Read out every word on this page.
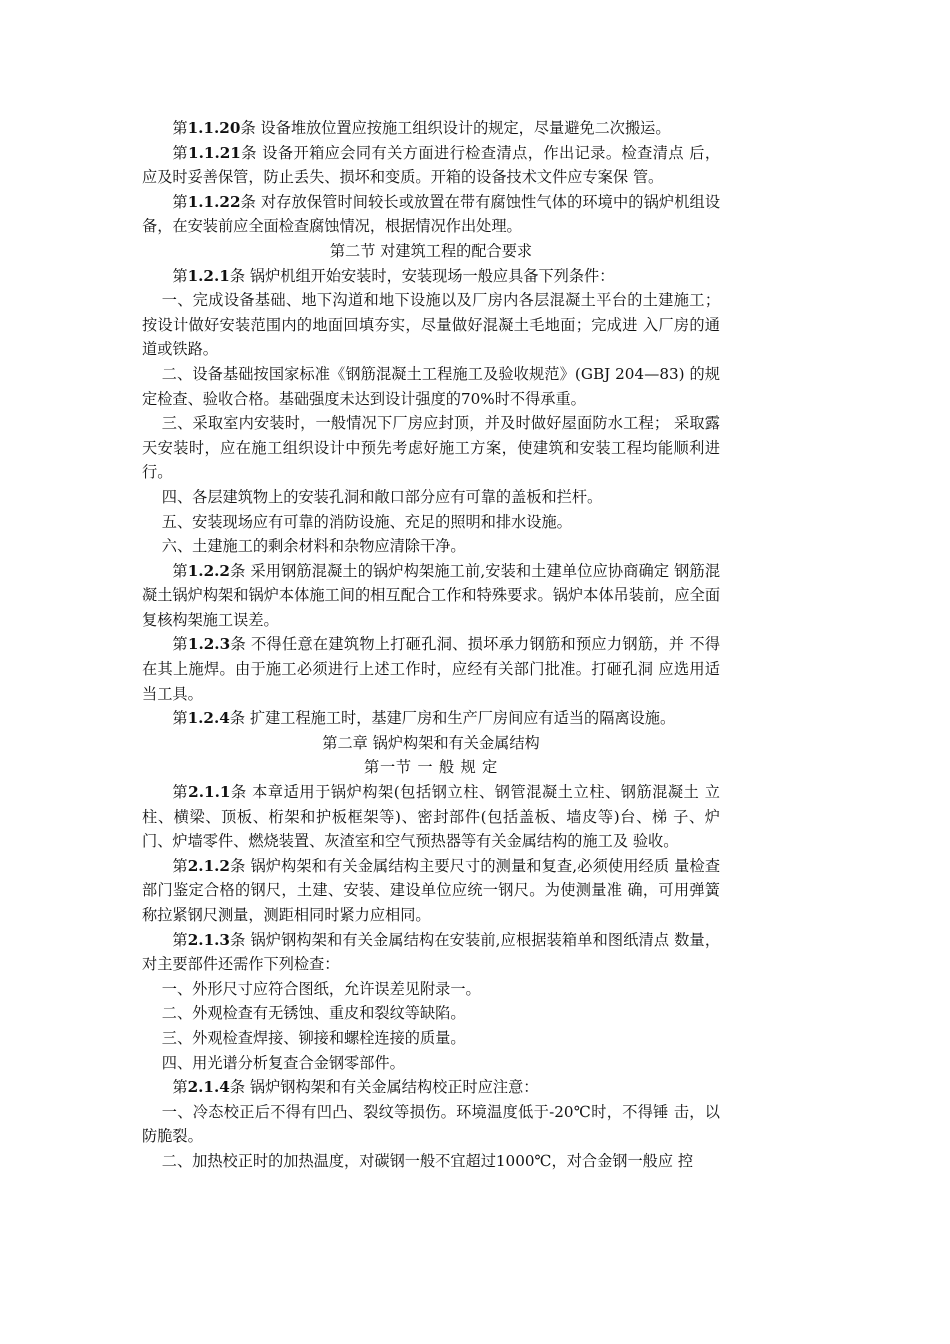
第1.1.20条 设备堆放位置应按施工组织设计的规定，尽量避免二次搬运。

第1.1.21条 设备开箱应会同有关方面进行检查清点，作出记录。检查清点 后，应及时妥善保管，防止丢失、损坏和变质。开箱的设备技术文件应专案保 管。

第1.1.22条 对存放保管时间较长或放置在带有腐蚀性气体的环境中的锅炉机组设备，在安装前应全面检查腐蚀情况，根据情况作出处理。

第二节 对建筑工程的配合要求

第1.2.1条 锅炉机组开始安装时，安装现场一般应具备下列条件：

一、完成设备基础、地下沟道和地下设施以及厂房内各层混凝土平台的土建施工；按设计做好安装范围内的地面回填夯实，尽量做好混凝土毛地面；完成进 入厂房的通道或铁路。

二、设备基础按国家标准《钢筋混凝土工程施工及验收规范》(GBJ 204—83) 的规定检查、验收合格。基础强度未达到设计强度的70%时不得承重。

三、采取室内安装时，一般情况下厂房应封顶，并及时做好屋面防水工程； 采取露天安装时，应在施工组织设计中预先考虑好施工方案，使建筑和安装工程均能顺利进行。

四、各层建筑物上的安装孔洞和敞口部分应有可靠的盖板和拦杆。

五、安装现场应有可靠的消防设施、充足的照明和排水设施。

六、土建施工的剩余材料和杂物应清除干净。

第1.2.2条 采用钢筋混凝土的锅炉构架施工前,安装和土建单位应协商确定 钢筋混凝土锅炉构架和锅炉本体施工间的相互配合工作和特殊要求。锅炉本体吊装前，应全面复核构架施工误差。

第1.2.3条 不得任意在建筑物上打砸孔洞、损坏承力钢筋和预应力钢筋，并 不得在其上施焊。由于施工必须进行上述工作时，应经有关部门批准。打砸孔洞 应选用适当工具。

第1.2.4条 扩建工程施工时，基建厂房和生产厂房间应有适当的隔离设施。

第二章 锅炉构架和有关金属结构

第一节 一 般 规 定

第2.1.1条 本章适用于锅炉构架(包括钢立柱、钢管混凝土立柱、钢筋混凝土 立柱、横梁、顶板、桁架和护板框架等)、密封部件(包括盖板、墙皮等)台、梯 子、炉门、炉墙零件、燃烧装置、灰渣室和空气预热器等有关金属结构的施工及 验收。

第2.1.2条 锅炉构架和有关金属结构主要尺寸的测量和复查,必须使用经质 量检查部门鉴定合格的钢尺，土建、安装、建设单位应统一钢尺。为使测量准 确，可用弹簧称拉紧钢尺测量，测距相同时紧力应相同。

第2.1.3条 锅炉钢构架和有关金属结构在安装前,应根据装箱单和图纸清点 数量，对主要部件还需作下列检查：

一、外形尺寸应符合图纸，允许误差见附录一。

二、外观检查有无锈蚀、重皮和裂纹等缺陷。

三、外观检查焊接、铆接和螺栓连接的质量。

四、用光谱分析复查合金钢零部件。

第2.1.4条 锅炉钢构架和有关金属结构校正时应注意：

一、冷态校正后不得有凹凸、裂纹等损伤。环境温度低于-20℃时，不得锤 击，以防脆裂。

二、加热校正时的加热温度，对碳钢一般不宜超过1000℃，对合金钢一般应 控
